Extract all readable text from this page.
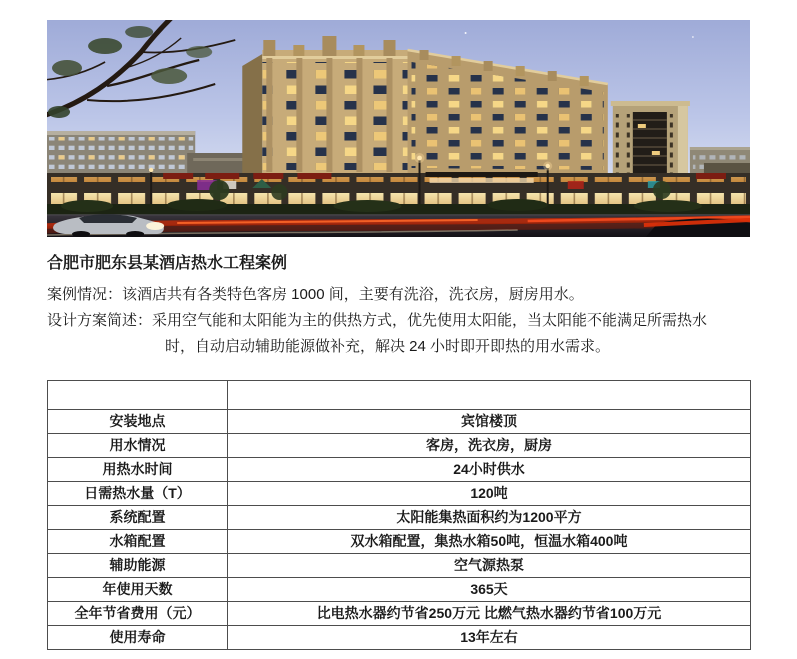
合肥市肥东县某酒店热水工程案例
案例情况：该酒店共有各类特色客房 1000 间，主要有洗浴，洗衣房，厨房用水。
设计方案简述：采用空气能和太阳能为主的供热方式，优先使用太阳能，当太阳能不能满足所需热水
时，自动启动辅助能源做补充，解决 24 小时即开即热的用水需求。

安装地点	宾馆楼顶
用水情况	客房，洗衣房，厨房
用热水时间	24小时供水
日需热水量（T）	120吨
系统配置	太阳能集热面积约为1200平方
水箱配置	双水箱配置，集热水箱50吨，恒温水箱400吨
辅助能源	空气源热泵
年使用天数	365天
全年节省费用（元）	比电热水器约节省250万元 比燃气热水器约节省100万元
使用寿命	13年左右
